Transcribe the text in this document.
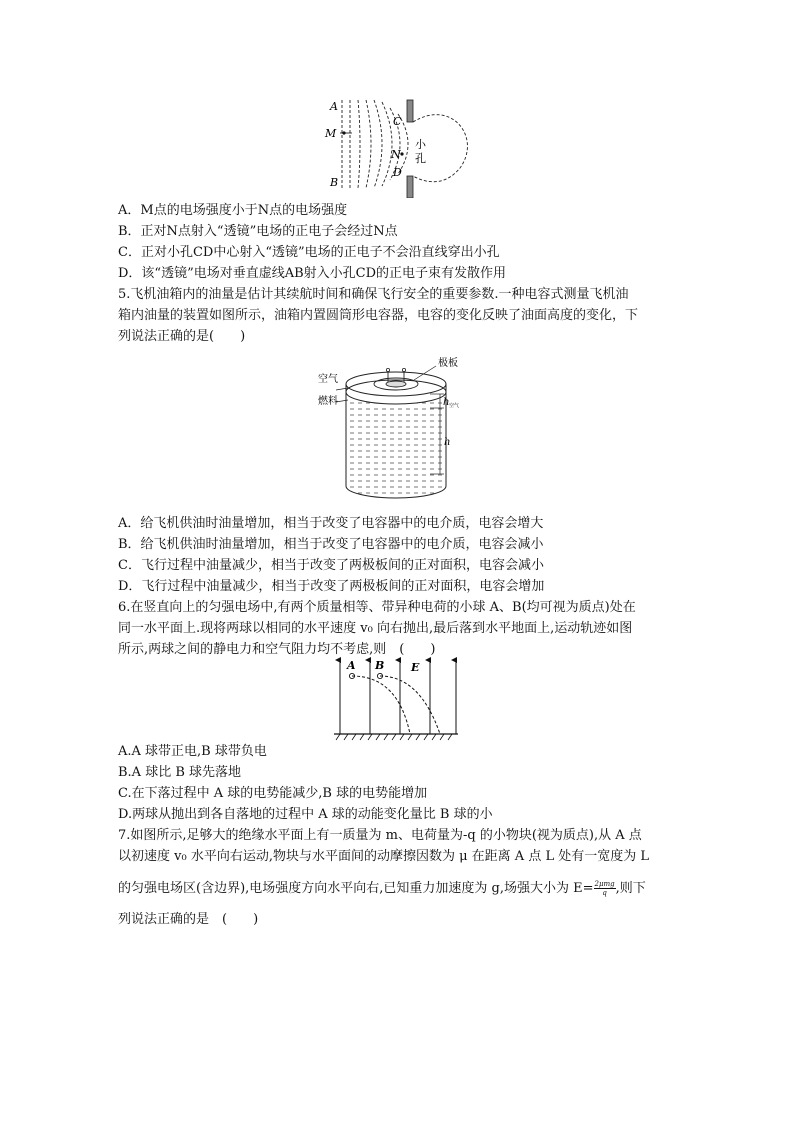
A
M
B
C
N
D
小
孔
A．M点的电场强度小于N点的电场强度
B．正对N点射入“透镜”电场的正电子会经过N点
C．正对小孔CD中心射入“透镜”电场的正电子不会沿直线穿出小孔
D．该“透镜”电场对垂直虚线AB射入小孔CD的正电子束有发散作用
5.飞机油箱内的油量是估计其续航时间和确保飞行安全的重要参数.一种电容式测量飞机油
箱内油量的装置如图所示，油箱内置圆筒形电容器，电容的变化反映了油面高度的变化，下
列说法正确的是(　　)
极板
空气
燃料	h 空气
h
A．给飞机供油时油量增加，相当于改变了电容器中的电介质，电容会增大
B．给飞机供油时油量增加，相当于改变了电容器中的电介质，电容会减小
C．飞行过程中油量减少，相当于改变了两极板间的正对面积，电容会减小
D．飞行过程中油量减少，相当于改变了两极板间的正对面积，电容会增加
6.在竖直向上的匀强电场中,有两个质量相等、带异种电荷的小球 A、B(均可视为质点)处在
同一水平面上.现将两球以相同的水平速度 v₀ 向右抛出,最后落到水平地面上,运动轨迹如图
所示,两球之间的静电力和空气阻力均不考虑,则　(　　)
A B E
A.A 球带正电,B 球带负电
B.A 球比 B 球先落地
C.在下落过程中 A 球的电势能减少,B 球的电势能增加
D.两球从抛出到各自落地的过程中 A 球的动能变化量比 B 球的小
7.如图所示,足够大的绝缘水平面上有一质量为 m、电荷量为-q 的小物块(视为质点),从 A 点
以初速度 v₀ 水平向右运动,物块与水平面间的动摩擦因数为 μ 在距离 A 点 L 处有一宽度为 L
的匀强电场区(含边界),电场强度方向水平向右,已知重力加速度为 g,场强大小为 $E= \frac{\text{2μmg}}{q}$ ,则下
列说法正确的是　(　　)
